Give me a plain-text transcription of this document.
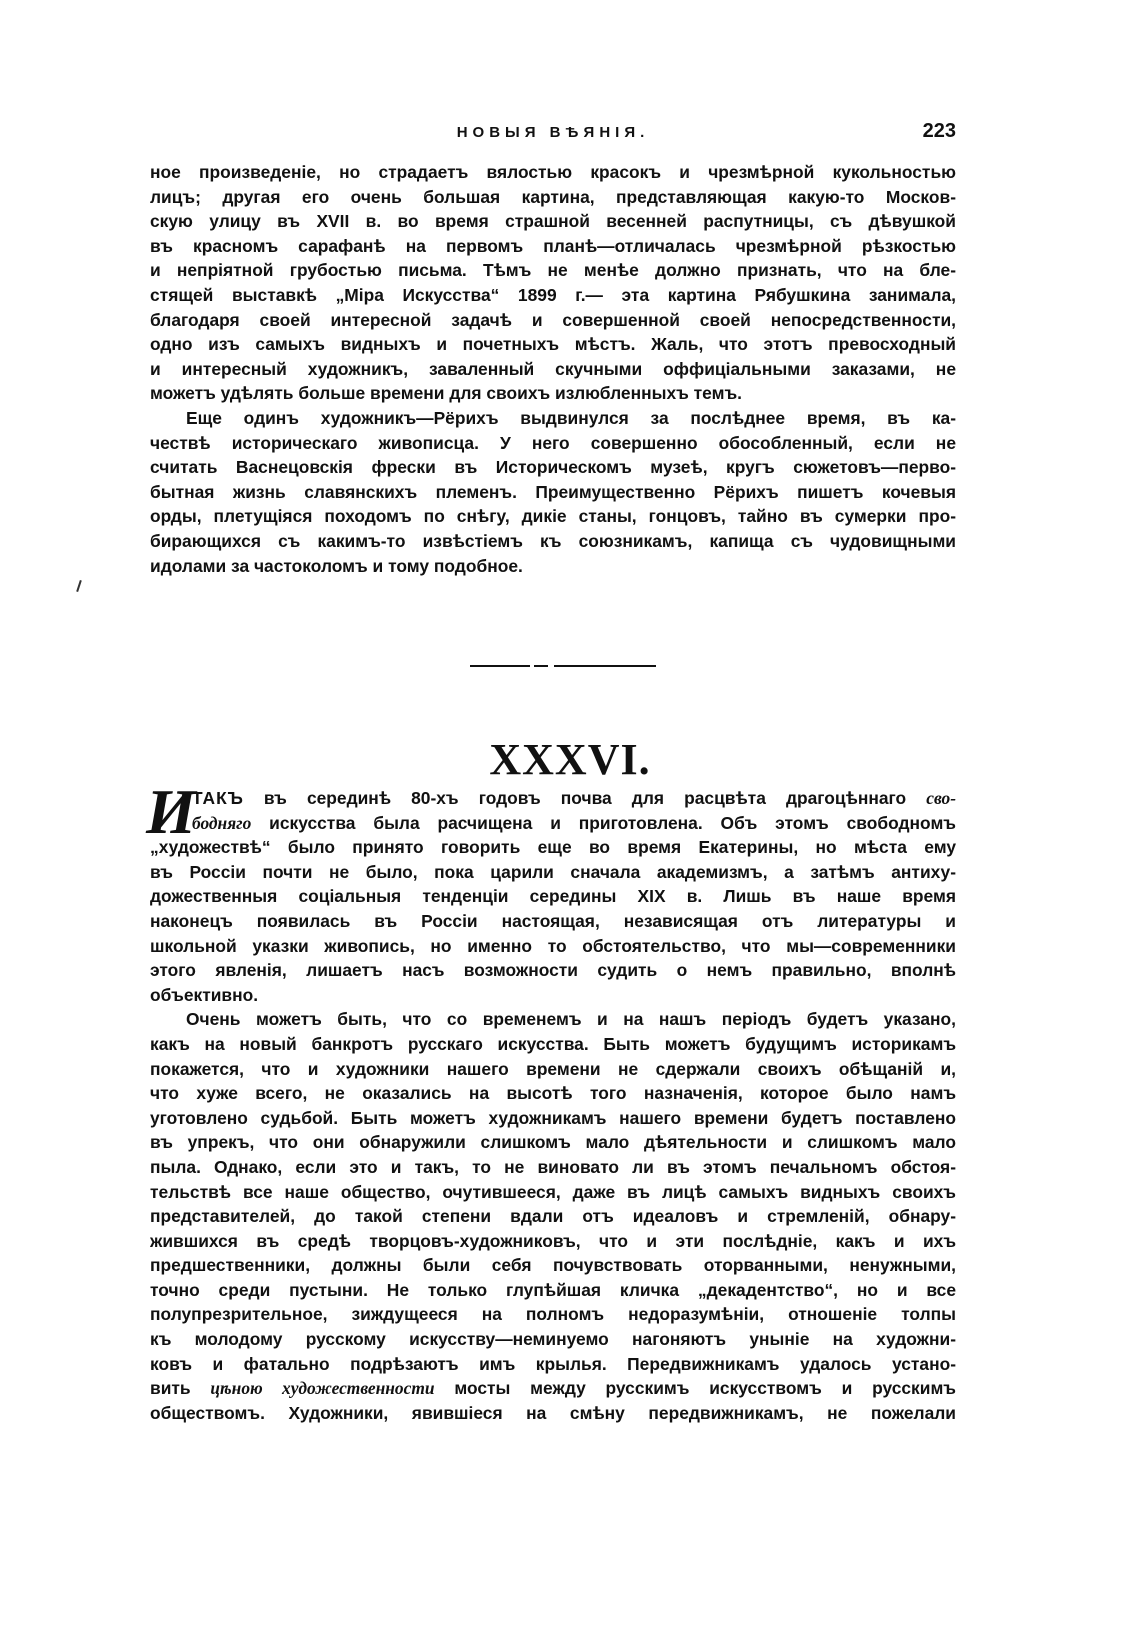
НОВЫЯ ВѢЯНІЯ.	223
ное произведеніе, но страдаетъ вялостью красокъ и чрезмѣрной кукольностью
лицъ; другая его очень большая картина, представляющая какую-то Москов-
скую улицу въ XVII в. во время страшной весенней распутницы, съ дѣвушкой
въ красномъ сарафанѣ на первомъ планѣ—отличалась чрезмѣрной рѣзкостью
и непріятной грубостью письма. Тѣмъ не менѣе должно признать, что на бле-
стящей выставкѣ „Міра Искусства“ 1899 г.— эта картина Рябушкина занимала,
благодаря своей интересной задачѣ и совершенной своей непосредственности,
одно изъ самыхъ видныхъ и почетныхъ мѣстъ. Жаль, что этотъ превосходный
и интересный художникъ, заваленный скучными оффиціальными заказами, не
можетъ удѣлять больше времени для своихъ излюбленныхъ темъ.
Еще одинъ художникъ—Рёрихъ выдвинулся за послѣднее время, въ ка-
чествѣ историческаго живописца. У него совершенно обособленный, если не
считать Васнецовскія фрески въ Историческомъ музеѣ, кругъ сюжетовъ—перво-
бытная жизнь славянскихъ племенъ. Преимущественно Рёрихъ пишетъ кочевыя
орды, плетущіяся походомъ по снѣгу, дикіе станы, гонцовъ, тайно въ сумерки про-
бирающихся съ какимъ-то извѣстіемъ къ союзникамъ, капища съ чудовищными
идолами за частоколомъ и тому подобное.
XXXVI.
И
ТАКЪ въ серединѣ 80-хъ годовъ почва для расцвѣта драгоцѣннаго сво-
бодняго искусства была расчищена и приготовлена. Объ этомъ свободномъ
„художествѣ“ было принято говорить еще во время Екатерины, но мѣста ему
въ Россіи почти не было, пока царили сначала академизмъ, а затѣмъ антиху-
дожественныя соціальныя тенденціи середины XIX в. Лишь въ наше время
наконецъ появилась въ Россіи настоящая, независящая отъ литературы и
школьной указки живопись, но именно то обстоятельство, что мы—современники
этого явленія, лишаетъ насъ возможности судить о немъ правильно, вполнѣ
объективно.
Очень можетъ быть, что со временемъ и на нашъ періодъ будетъ указано,
какъ на новый банкротъ русскаго искусства. Быть можетъ будущимъ историкамъ
покажется, что и художники нашего времени не сдержали своихъ обѣщаній и,
что хуже всего, не оказались на высотѣ того назначенія, которое было намъ
уготовлено судьбой. Быть можетъ художникамъ нашего времени будетъ поставлено
въ упрекъ, что они обнаружили слишкомъ мало дѣятельности и слишкомъ мало
пыла. Однако, если это и такъ, то не виновато ли въ этомъ печальномъ обстоя-
тельствѣ все наше общество, очутившееся, даже въ лицѣ самыхъ видныхъ своихъ
представителей, до такой степени вдали отъ идеаловъ и стремленій, обнару-
жившихся въ средѣ творцовъ-художниковъ, что и эти послѣдніе, какъ и ихъ
предшественники, должны были себя почувствовать оторванными, ненужными,
точно среди пустыни. Не только глупѣйшая кличка „декадентство“, но и все
полупрезрительное, зиждущееся на полномъ недоразумѣніи, отношеніе толпы
къ молодому русскому искусству—неминуемо нагоняютъ уныніе на художни-
ковъ и фатально подрѣзаютъ имъ крылья. Передвижникамъ удалось устано-
вить цѣною художественности мосты между русскимъ искусствомъ и русскимъ
обществомъ. Художники, явившіеся на смѣну передвижникамъ, не пожелали
